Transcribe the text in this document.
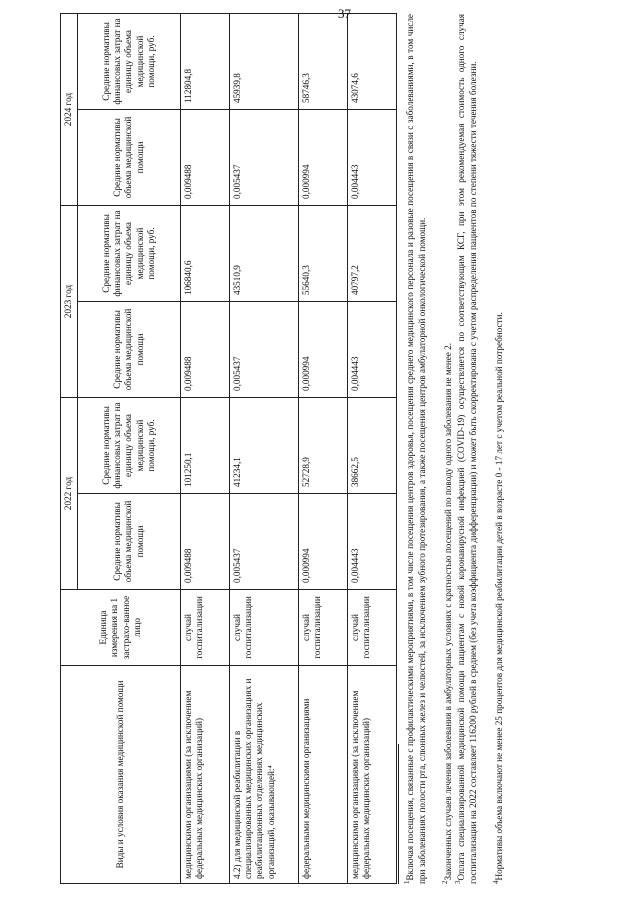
37
Виды и условия оказания медицинской помощи	Единица измерения на 1 застрахо-ванное лицо	2022 год		2023 год		2024 год	
		Средние нормативы объема медицинской помощи	Средние нормативы финансовых затрат на единицу объема медицинской помощи, руб.	Средние нормативы объема медицинской помощи	Средние нормативы финансовых затрат на единицу объема медицинской помощи, руб.	Средние нормативы объема медицинской помощи	Средние нормативы финансовых затрат на единицу объема медицинской помощи, руб.
медицинскими организациями (за исключением федеральных медицинских организаций)	случай госпитализации	0,009488	101250,1	0,009488	106840,6	0,009488	112804,8
4.2) для медицинской реабилитации в специализированных медицинских организациях и реабилитационных отделениях медицинских организаций, оказывающей:⁴	случай госпитализации	0,005437	41234,1	0,005437	43510,9	0,005437	45939,8
федеральными медицинскими организациями	случай госпитализации	0,000994	52728,9	0,000994	55640,3	0,000994	58746,3
медицинскими организациями (за исключением федеральных медицинских организаций)	случай госпитализации	0,004443	38662,5	0,004443	40797,2	0,004443	43074,6

$^1$Включая посещения, связанные с профилактическими мероприятиями, в том числе посещения центров здоровья, посещения среднего медицинского персонала и разовые посещения в связи с заболеваниями, в том числе при заболеваниях полости рта, слюнных желез и челюстей, за исключением зубного протезирования, а также посещения центров амбулаторной онкологической помощи. $^2$Законченных случаев лечения заболевания в амбулаторных условиях с кратностью посещений по поводу одного заболевания не менее 2.

$^3$Оплата специализированной медицинской помощи пациентам с новой коронавирусной инфекцией (COVID-19) осуществляется по соответствующим КСГ, при этом рекомендуемая стоимость одного случая госпитализации на 2022 составляет 116200 рублей в среднем (без учета коэффициента дифференциации) и может быть скорректирована с учетом распределения пациентов по степени тяжести течения болезни. $^4$Нормативы объема включают не менее 25 процентов для медицинской реабилитации детей в возрасте 0 - 17 лет с учетом реальной потребности.
